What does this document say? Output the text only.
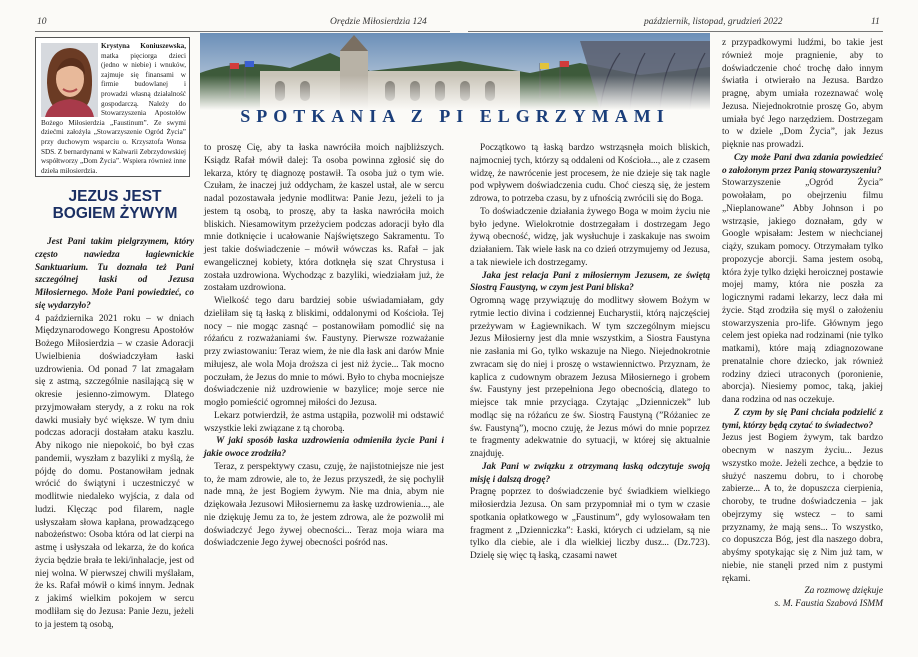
10	Orędzie Miłosierdzia 124	październik, listopad, grudzień 2022	11
Krystyna Koniuszewska, matka pięciorga dzieci (jedno w niebie) i wnuków, zajmuje się finansami w firmie budowlanej i prowadzi własną działalność gospodarczą. Należy do Stowarzyszenia Apostołów Bożego Miłosierdzia „Faustinum”. Ze swymi dziećmi założyła „Stowarzyszenie Ogród Życia” przy duchowym wsparciu o. Krzysztofa Wonsa SDS. Z bernardynami w Kalwarii Zebrzydowskiej współtworzy „Dom Życia”. Wspiera również inne dzieła miłosierdzia.
SPOTKANIA Z PI ELGRZYMAMI
JEZUS JEST BOGIEM ŻYWYM

Jest Pani takim pielgrzymem, który często nawiedza łagiewnickie Sanktuarium. Tu doznała też Pani szczególnej łaski od Jezusa Miłosiernego. Może Pani powiedzieć, co się wydarzyło?

4 października 2021 roku – w dniach Międzynarodowego Kongresu Apostołów Bożego Miłosierdzia – w czasie Adoracji Uwielbienia doświadczyłam łaski uzdrowienia. Od ponad 7 lat zmagałam się z astmą, szczególnie nasilającą się w okresie jesienno-zimowym. Dlatego przyjmowałam sterydy, a z roku na rok dawki musiały być większe. W tym dniu podczas adoracji dostałam ataku kaszlu. Aby nikogo nie niepokoić, bo był czas pandemii, wyszłam z bazyliki z myślą, że pójdę do domu. Postanowiłam jednak wrócić do świątyni i uczestniczyć w modlitwie niedaleko wyjścia, z dala od ludzi. Klęcząc pod filarem, nagle usłyszałam słowa kapłana, prowadzącego nabożeństwo: Osoba która od lat cierpi na astmę i usłyszała od lekarza, że do końca życia będzie brała te leki/inhalacje, jest od niej wolna. W pierwszej chwili myślałam, że ks. Rafał mówił o kimś innym. Jednak z jakimś wielkim pokojem w sercu modliłam się do Jezusa: Panie Jezu, jeżeli to ja jestem tą osobą,

to proszę Cię, aby ta łaska nawróciła moich najbliższych. Ksiądz Rafał mówił dalej: Ta osoba powinna zgłosić się do lekarza, który tę diagnozę postawił. Ta osoba już o tym wie. Czułam, że inaczej już oddycham, że kaszel ustał, ale w sercu nadal pozostawała jedynie modlitwa: Panie Jezu, jeżeli to ja jestem tą osobą, to proszę, aby ta łaska nawróciła moich bliskich. Niesamowitym przeżyciem podczas adoracji było dla mnie dotknięcie i ucałowanie Najświętszego Sakramentu. To jest takie doświadczenie – mówił wówczas ks. Rafał – jak ewangelicznej kobiety, która dotknęła się szat Chrystusa i została uzdrowiona. Wychodząc z bazyliki, wiedziałam już, że zostałam uzdrowiona.

Wielkość tego daru bardziej sobie uświadamiałam, gdy dzieliłam się tą łaską z bliskimi, oddalonymi od Kościoła. Tej nocy – nie mogąc zasnąć – postanowiłam pomodlić się na różańcu z rozważaniami św. Faustyny. Pierwsze rozważanie przy zwiastowaniu: Teraz wiem, że nie dla łask ani darów Mnie miłujesz, ale wola Moja droższa ci jest niż życie... Tak mocno poczułam, że Jezus do mnie to mówi. Było to chyba mocniejsze doświadczenie niż uzdrowienie w bazylice; moje serce nie mogło pomieścić ogromnej miłości do Jezusa.

Lekarz potwierdził, że astma ustąpiła, pozwolił mi odstawić wszystkie leki związane z tą chorobą.

W jaki sposób łaska uzdrowienia odmieniła życie Pani i jakie owoce zrodziła?

Teraz, z perspektywy czasu, czuję, że najistotniejsze nie jest to, że mam zdrowie, ale to, że Jezus przyszedł, że się pochylił nade mną, że jest Bogiem żywym. Nie ma dnia, abym nie dziękowała Jezusowi Miłosiernemu za łaskę uzdrowienia..., ale nie dziękuję Jemu za to, że jestem zdrowa, ale że pozwolił mi doświadczyć Jego żywej obecności... Teraz moja wiara ma doświadczenie Jego żywej obecności pośród nas.

Początkowo tą łaską bardzo wstrząsnęła moich bliskich, najmocniej tych, którzy są oddaleni od Kościoła..., ale z czasem widzę, że nawrócenie jest procesem, że nie dzieje się tak nagle pod wpływem doświadczenia cudu. Choć cieszą się, że jestem zdrowa, to potrzeba czasu, by z ufnością zwrócili się do Boga.

To doświadczenie działania żywego Boga w moim życiu nie było jedyne. Wielokrotnie dostrzegałam i dostrzegam Jego żywą obecność, widzę, jak wysłuchuje i zaskakuje nas swoim działaniem. Tak wiele łask na co dzień otrzymujemy od Jezusa, a tak niewiele ich dostrzegamy.

Jaka jest relacja Pani z miłosiernym Jezusem, ze świętą Siostrą Faustyną, w czym jest Pani bliska?

Ogromną wagę przywiązuję do modlitwy słowem Bożym w rytmie lectio divina i codziennej Eucharystii, którą najczęściej przeżywam w Łagiewnikach. W tym szczególnym miejscu Jezus Miłosierny jest dla mnie wszystkim, a Siostra Faustyna nie zasłania mi Go, tylko wskazuje na Niego. Niejednokrotnie zwracam się do niej i proszę o wstawiennictwo. Przyznam, że kaplica z cudownym obrazem Jezusa Miłosiernego i grobem św. Faustyny jest przepełniona Jego obecnością, dlatego to miejsce tak mnie przyciąga. Czytając „Dzienniczek” lub modląc się na różańcu ze św. Siostrą Faustyną (”Różaniec ze św. Faustyną”), mocno czuję, że Jezus mówi do mnie poprzez te fragmenty adekwatnie do sytuacji, w której się aktualnie znajduję.

Jak Pani w związku z otrzymaną łaską odczytuje swoją misję i dalszą drogę?

Pragnę poprzez to doświadczenie być świadkiem wielkiego miłosierdzia Jezusa. On sam przypomniał mi o tym w czasie spotkania opłatkowego w „Faustinum”, gdy wylosowałam ten fragment z „Dzienniczka”: Łaski, których ci udzielam, są nie tylko dla ciebie, ale i dla wielkiej liczby dusz... (Dz.723). Dzielę się więc tą łaską, czasami nawet

z przypadkowymi ludźmi, bo takie jest również moje pragnienie, aby to doświadczenie choć trochę dało innym światła i otwierało na Jezusa. Bardzo pragnę, abym umiała rozeznawać wolę Jezusa. Niejednokrotnie proszę Go, abym umiała być Jego narzędziem. Dostrzegam to w dziele „Dom Życia”, jak Jezus pięknie nas prowadzi.

Czy może Pani dwa zdania powiedzieć o założonym przez Panią stowarzyszeniu?

Stowarzyszenie „Ogród Życia” powołałam, po obejrzeniu filmu „Nieplanowane” Abby Johnson i po wstrząsie, jakiego doznałam, gdy w Google wpisałam: Jestem w niechcianej ciąży, szukam pomocy. Otrzymałam tylko propozycje aborcji. Sama jestem osobą, która żyje tylko dzięki heroicznej postawie mojej mamy, która nie poszła za logicznymi radami lekarzy, lecz dała mi życie. Stąd zrodziła się myśl o założeniu stowarzyszenia pro-life. Głównym jego celem jest opieka nad rodzinami (nie tylko matkami), które mają zdiagnozowane prenatalnie chore dziecko, jak również rodziny dzieci utraconych (poronienie, aborcja). Niesiemy pomoc, taką, jakiej dana rodzina od nas oczekuje.

Z czym by się Pani chciała podzielić z tymi, którzy będą czytać to świadectwo?

Jezus jest Bogiem żywym, tak bardzo obecnym w naszym życiu... Jezus wszystko może. Jeżeli zechce, a będzie to służyć naszemu dobru, to i chorobę zabierze... A to, że dopuszcza cierpienia, choroby, te trudne doświadczenia – jak obejrzymy się wstecz – to sami przyznamy, że mają sens... To wszystko, co dopuszcza Bóg, jest dla naszego dobra, abyśmy spotykając się z Nim już tam, w niebie, nie stanęli przed nim z pustymi rękami.

Za rozmowę dziękuje

s. M. Faustia Szabová ISMM
